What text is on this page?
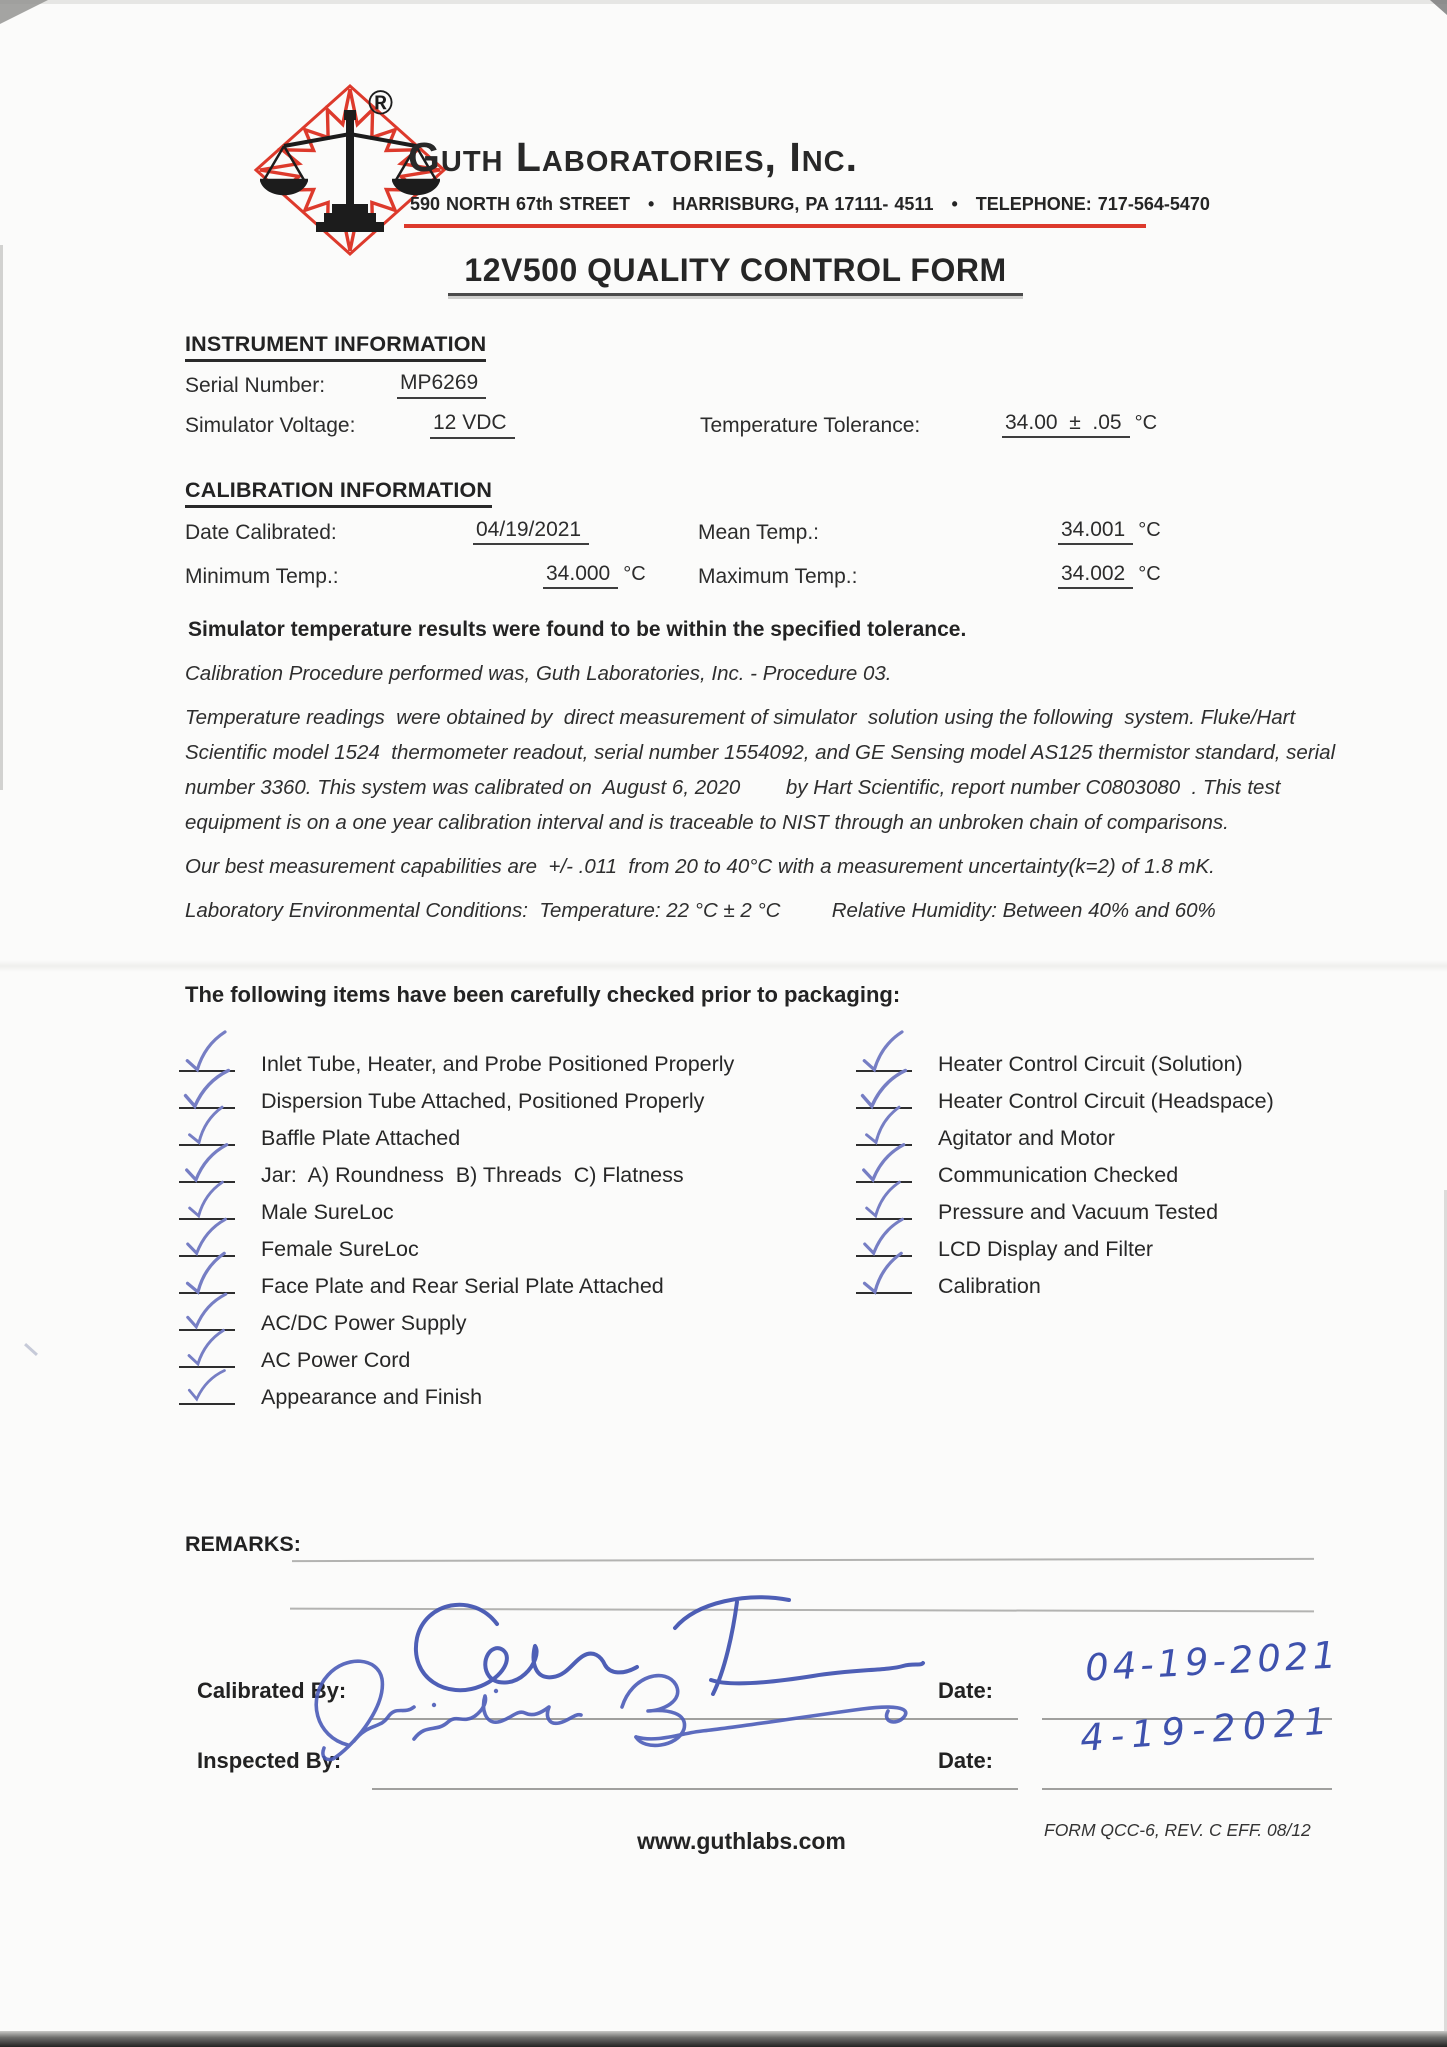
®
Guth Laboratories, Inc.
590 NORTH 67th STREET   •   HARRISBURG, PA 17111- 4511   •   TELEPHONE: 717-564-5470
12V500 QUALITY CONTROL FORM
INSTRUMENT INFORMATION
Serial Number:	MP6269
Simulator Voltage:	12 VDC	Temperature Tolerance:	34.00  ±  .05 °C
CALIBRATION INFORMATION
Date Calibrated:	04/19/2021	Mean Temp.:	34.001 °C
Minimum Temp.:	34.000 °C Maximum Temp.:	34.002 °C
Simulator temperature results were found to be within the specified tolerance.

Calibration Procedure performed was, Guth Laboratories, Inc. - Procedure 03.

Temperature readings  were obtained by  direct measurement of simulator  solution using the following  system. Fluke/Hart Scientific model 1524  thermometer readout, serial number 1554092, and GE Sensing model AS125 thermistor standard, serial number 3360. This system was calibrated on  August 6, 2020        by Hart Scientific, report number C0803080  . This test equipment is on a one year calibration interval and is traceable to NIST through an unbroken chain of comparisons.

Our best measurement capabilities are  +/- .011  from 20 to 40°C with a measurement uncertainty(k=2) of 1.8 mK.

Laboratory Environmental Conditions:  Temperature: 22 °C ± 2 °C         Relative Humidity: Between 40% and 60%

The following items have been carefully checked prior to packaging:
Inlet Tube, Heater, and Probe Positioned Properly
Dispersion Tube Attached, Positioned Properly
Baffle Plate Attached
Jar:  A) Roundness  B) Threads  C) Flatness
Male SureLoc
Female SureLoc
Face Plate and Rear Serial Plate Attached
AC/DC Power Supply
AC Power Cord
Appearance and Finish
Heater Control Circuit (Solution)
Heater Control Circuit (Headspace)
Agitator and Motor
Communication Checked
Pressure and Vacuum Tested
LCD Display and Filter
Calibration
REMARKS:
Calibrated By:	Date:
04-19-2021
Inspected By:	Date:
4-19-2021
www.guthlabs.com	FORM QCC-6, REV. C EFF. 08/12
